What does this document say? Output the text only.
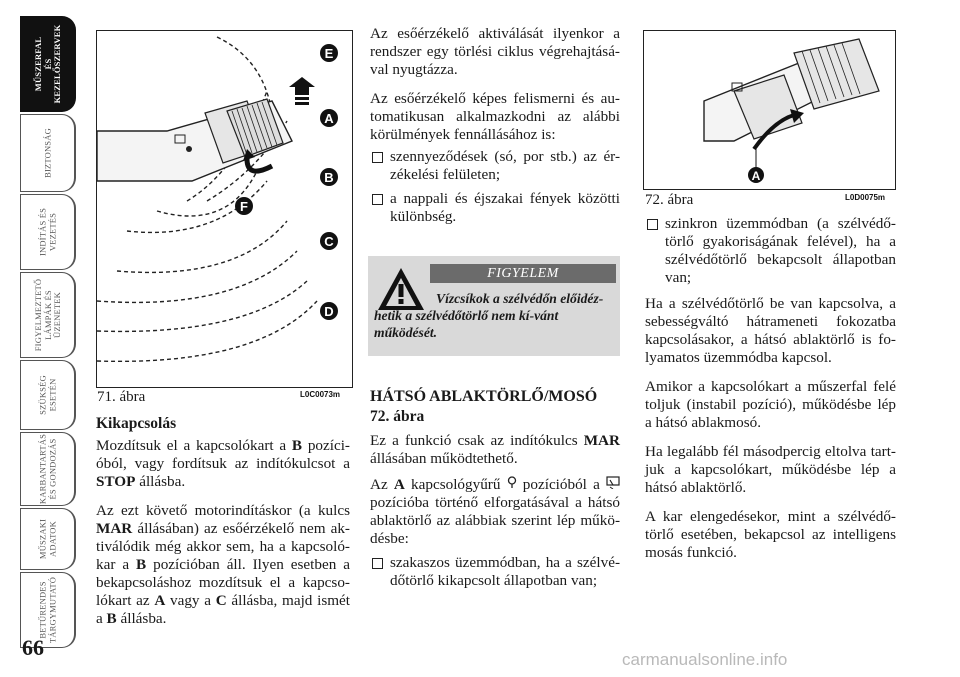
MŰSZERFAL
ÉS
KEZELŐSZERVEK
BIZTONSÁG
INDÍTÁS ÉS
VEZETÉS
FIGYELMEZTETŐ
LÁMPÁK ÉS
ÜZENETEK
SZÜKSÉG
ESETÉN
KARBANTARTÁS
ÉS GONDOZÁS
MŰSZAKI
ADATOK
BETŰRENDES
TÁRGYMUTATÓ
66
E
A
B
F
C
D
71. ábra	L0C0073m
A
72. ábra	L0D0075m

Kikapcsolás

Mozdítsuk el a kapcsolókart a B pozíci-óból, vagy fordítsuk az indítókulcsot a STOP állásba.

Az ezt követő motorindításkor (a kulcs MAR állásában) az esőérzékelő nem ak-tiválódik még akkor sem, ha a kapcsoló-kar a B pozícióban áll. Ilyen esetben a bekapcsoláshoz mozdítsuk el a kapcso-lókart az A vagy a C állásba, majd ismét a B állásba.

Az esőérzékelő aktiválását ilyenkor a rendszer egy törlési ciklus végrehajtásá-val nyugtázza.

Az esőérzékelő képes felismerni és au-tomatikusan alkalmazkodni az alábbi körülmények fennállásához is:

szennyeződések (só, por stb.) az ér-zékelési felületen;
a nappali és éjszakai fények közötti különbség.
FIGYELEM
Vízcsíkok a szélvédőn előidéz-hetik a szélvédőtörlő nem kí-vánt működését.

HÁTSÓ ABLAKTÖRLŐ/MOSÓ

72. ábra

Ez a funkció csak az indítókulcs MAR állásában működtethető.

Az A kapcsológyűrű  pozícióból a  pozícióba történő elforgatásával a hátsó ablaktörlő az alábbiak szerint lép műkö-désbe:

szakaszos üzemmódban, ha a szélvé-dőtörlő kikapcsolt állapotban van;
szinkron üzemmódban (a szélvédő-törlő gyakoriságának felével), ha a szélvédőtörlő bekapcsolt állapotban van;

Ha a szélvédőtörlő be van kapcsolva, a sebességváltó hátrameneti fokozatba kapcsolásakor, a hátsó ablaktörlő is fo-lyamatos üzemmódba kapcsol.

Amikor a kapcsolókart a műszerfal felé toljuk (instabil pozíció), működésbe lép a hátsó ablakmosó.

Ha legalább fél másodpercig eltolva tart-juk a kapcsolókart, működésbe lép a hátsó ablaktörlő.

A kar elengedésekor, mint a szélvédő-törlő esetében, bekapcsol az intelligens mosás funkció.

carmanualsonline.info
